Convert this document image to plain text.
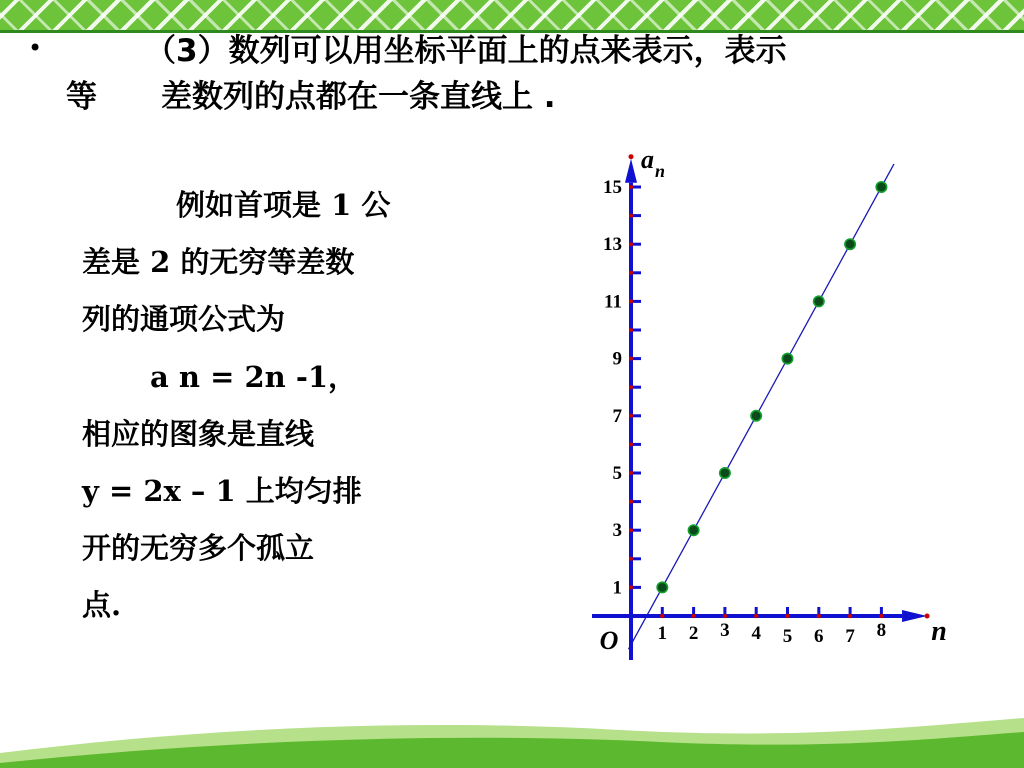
•	（3）数列可以用坐标平面上的点来表示，表示
等 差数列的点都在一条直线上 .
例如首项是 1 公
差是 2 的无穷等差数
列的通项公式为
a n = 2n -1，
相应的图象是直线
y = 2x – 1 上均匀排
开的无穷多个孤立
点.
1
3
5
7
9
11
13
15
1 2 3 4 5 6 7 8
O	n
a n
